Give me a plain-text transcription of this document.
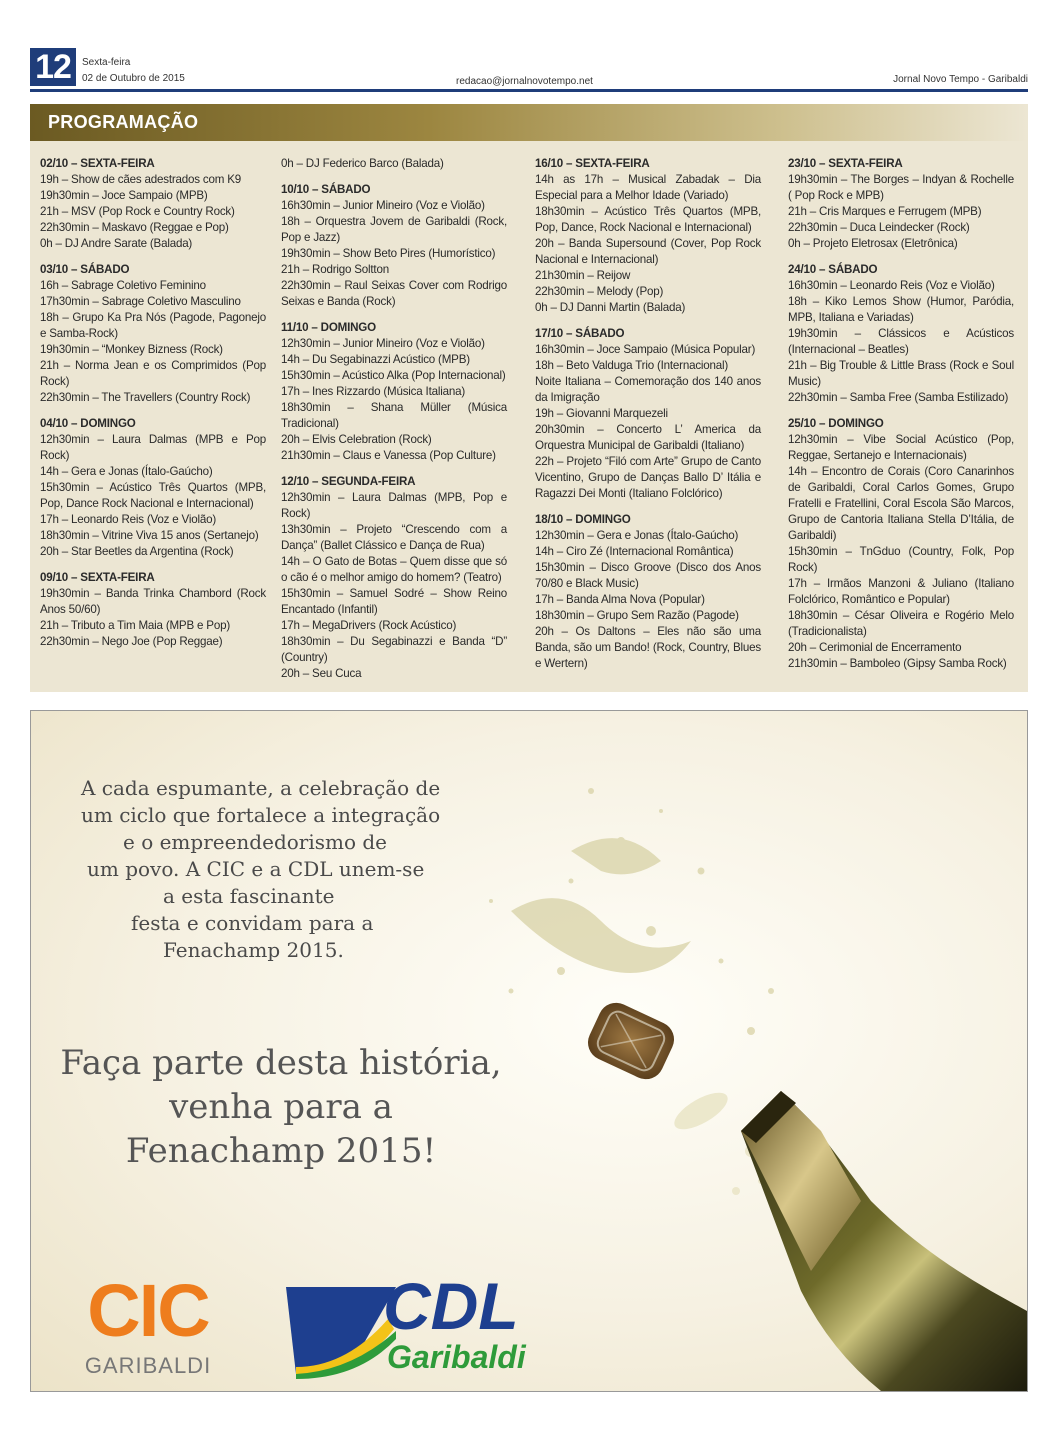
12	Sexta-feira
02 de Outubro de 2015	redacao@jornalnovotempo.net	Jornal Novo Tempo - Garibaldi
PROGRAMAÇÃO
02/10 – SEXTA-FEIRA
19h – Show de cães adestrados com K9
19h30min – Joce Sampaio (MPB)
21h – MSV (Pop Rock e Country Rock)
22h30min – Maskavo (Reggae e Pop)
0h – DJ Andre Sarate (Balada)
03/10 – SÁBADO
16h – Sabrage Coletivo Feminino
17h30min – Sabrage Coletivo Masculino
18h – Grupo Ka Pra Nós (Pagode, Pagonejo e Samba-Rock)
19h30min – “Monkey Bizness (Rock)
21h – Norma Jean e os Comprimidos (Pop Rock)
22h30min – The Travellers (Country Rock)
04/10 – DOMINGO
12h30min – Laura Dalmas (MPB e Pop Rock)
14h – Gera e Jonas (Ítalo-Gaúcho)
15h30min – Acústico Três Quartos (MPB, Pop, Dance Rock Nacional e Internacional)
17h – Leonardo Reis (Voz e Violão)
18h30min – Vitrine Viva 15 anos (Sertanejo)
20h – Star Beetles da Argentina (Rock)
09/10 – SEXTA-FEIRA
19h30min – Banda Trinka Chambord (Rock Anos 50/60)
21h – Tributo a Tim Maia (MPB e Pop)
22h30min – Nego Joe (Pop Reggae)
0h – DJ Federico Barco (Balada)
10/10 – SÁBADO
16h30min – Junior Mineiro (Voz e Violão)
18h – Orquestra Jovem de Garibaldi (Rock, Pop e Jazz)
19h30min – Show Beto Pires (Humorístico)
21h – Rodrigo Soltton
22h30min – Raul Seixas Cover com Rodrigo Seixas e Banda (Rock)
11/10 – DOMINGO
12h30min – Junior Mineiro (Voz e Violão)
14h – Du Segabinazzi Acústico (MPB)
15h30min – Acústico Alka (Pop Internacional)
17h – Ines Rizzardo (Música Italiana)
18h30min – Shana Müller (Música Tradicional)
20h – Elvis Celebration (Rock)
21h30min – Claus e Vanessa (Pop Culture)
12/10 – SEGUNDA-FEIRA
12h30min – Laura Dalmas (MPB, Pop e Rock)
13h30min – Projeto “Crescendo com a Dança” (Ballet Clássico e Dança de Rua)
14h – O Gato de Botas – Quem disse que só o cão é o melhor amigo do homem? (Teatro)
15h30min – Samuel Sodré – Show Reino Encantado (Infantil)
17h – MegaDrivers (Rock Acústico)
18h30min – Du Segabinazzi e Banda “D” (Country)
20h – Seu Cuca
16/10 – SEXTA-FEIRA
14h as 17h – Musical Zabadak – Dia Especial para a Melhor Idade (Variado)
18h30min – Acústico Três Quartos (MPB, Pop, Dance, Rock Nacional e Internacional)
20h – Banda Supersound (Cover, Pop Rock Nacional e Internacional)
21h30min – Reijow
22h30min – Melody (Pop)
0h – DJ Danni Martin (Balada)
17/10 – SÁBADO
16h30min – Joce Sampaio (Música Popular)
18h – Beto Valduga Trio (Internacional)
Noite Italiana – Comemoração dos 140 anos da Imigração
19h – Giovanni Marquezeli
20h30min – Concerto L’ America da Orquestra Municipal de Garibaldi (Italiano)
22h – Projeto “Filó com Arte” Grupo de Canto Vicentino, Grupo de Danças Ballo D’ Itália e Ragazzi Dei Monti (Italiano Folclórico)
18/10 – DOMINGO
12h30min – Gera e Jonas (Ítalo-Gaúcho)
14h – Ciro Zé (Internacional Romântica)
15h30min – Disco Groove (Disco dos Anos 70/80 e Black Music)
17h – Banda Alma Nova (Popular)
18h30min – Grupo Sem Razão (Pagode)
20h – Os Daltons – Eles não são uma Banda, são um Bando! (Rock, Country, Blues e Wertern)
23/10 – SEXTA-FEIRA
19h30min – The Borges – Indyan & Rochelle ( Pop Rock e MPB)
21h – Cris Marques e Ferrugem (MPB)
22h30min – Duca Leindecker (Rock)
0h – Projeto Eletrosax (Eletrônica)
24/10 – SÁBADO
16h30min – Leonardo Reis (Voz e Violão)
18h – Kiko Lemos Show (Humor, Paródia, MPB, Italiana e Variadas)
19h30min – Clássicos e Acústicos (Internacional – Beatles)
21h – Big Trouble & Little Brass (Rock e Soul Music)
22h30min – Samba Free (Samba Estilizado)
25/10 – DOMINGO
12h30min – Vibe Social Acústico (Pop, Reggae, Sertanejo e Internacionais)
14h – Encontro de Corais (Coro Canarinhos de Garibaldi, Coral Carlos Gomes, Grupo Fratelli e Fratellini, Coral Escola São Marcos, Grupo de Cantoria Italiana Stella D’Itália, de Garibaldi)
15h30min – TnGduo (Country, Folk, Pop Rock)
17h – Irmãos Manzoni & Juliano (Italiano Folclórico, Romântico e Popular)
18h30min – César Oliveira e Rogério Melo (Tradicionalista)
20h – Cerimonial de Encerramento
21h30min – Bamboleo (Gipsy Samba Rock)
A cada espumante, a celebração de
um ciclo que fortalece a integração
e o empreendedorismo de
um povo. A CIC e a CDL unem-se
a esta fascinante
festa e convidam para a
Fenachamp 2015.
Faça parte desta história,
venha para a
Fenachamp 2015!
CIC
GARIBALDI
CDL
Garibaldi
